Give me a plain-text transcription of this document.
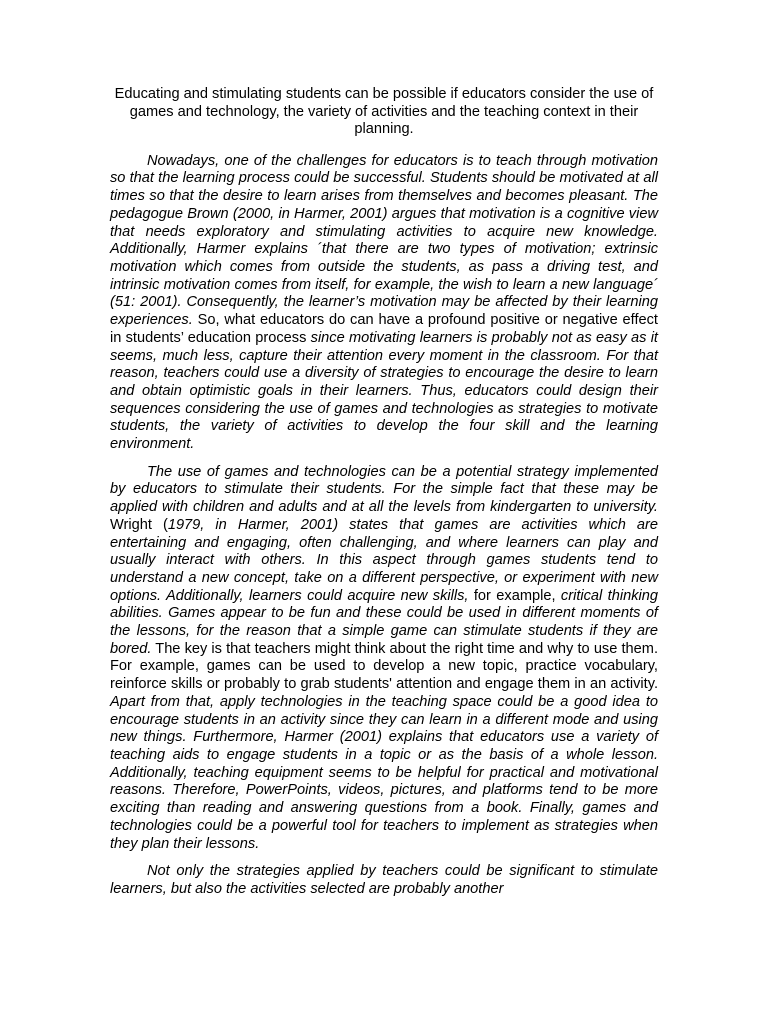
Educating and stimulating students can be possible if educators consider the use of games and technology, the variety of activities and the teaching context in their planning.

Nowadays, one of the challenges for educators is to teach through motivation so that the learning process could be successful. Students should be motivated at all times so that the desire to learn arises from themselves and becomes pleasant. The pedagogue Brown (2000, in Harmer, 2001) argues that motivation is a cognitive view that needs exploratory and stimulating activities to acquire new knowledge. Additionally, Harmer explains ´that there are two types of motivation; extrinsic motivation which comes from outside the students, as pass a driving test, and intrinsic motivation comes from itself, for example, the wish to learn a new language´ (51: 2001). Consequently, the learner’s motivation may be affected by their learning experiences. So, what educators do can have a profound positive or negative effect in students’ education process since motivating learners is probably not as easy as it seems, much less, capture their attention every moment in the classroom. For that reason, teachers could use a diversity of strategies to encourage the desire to learn and obtain optimistic goals in their learners. Thus, educators could design their sequences considering the use of games and technologies as strategies to motivate students, the variety of activities to develop the four skill and the learning environment.

The use of games and technologies can be a potential strategy implemented by educators to stimulate their students. For the simple fact that these may be applied with children and adults and at all the levels from kindergarten to university. Wright (1979, in Harmer, 2001) states that games are activities which are entertaining and engaging, often challenging, and where learners can play and usually interact with others. In this aspect through games students tend to understand a new concept, take on a different perspective, or experiment with new options. Additionally, learners could acquire new skills, for example, critical thinking abilities. Games appear to be fun and these could be used in different moments of the lessons, for the reason that a simple game can stimulate students if they are bored. The key is that teachers might think about the right time and why to use them. For example, games can be used to develop a new topic, practice vocabulary, reinforce skills or probably to grab students' attention and engage them in an activity. Apart from that, apply technologies in the teaching space could be a good idea to encourage students in an activity since they can learn in a different mode and using new things. Furthermore, Harmer (2001) explains that educators use a variety of teaching aids to engage students in a topic or as the basis of a whole lesson. Additionally, teaching equipment seems to be helpful for practical and motivational reasons. Therefore, PowerPoints, videos, pictures, and platforms tend to be more exciting than reading and answering questions from a book. Finally, games and technologies could be a powerful tool for teachers to implement as strategies when they plan their lessons.

Not only the strategies applied by teachers could be significant to stimulate learners, but also the activities selected are probably another
